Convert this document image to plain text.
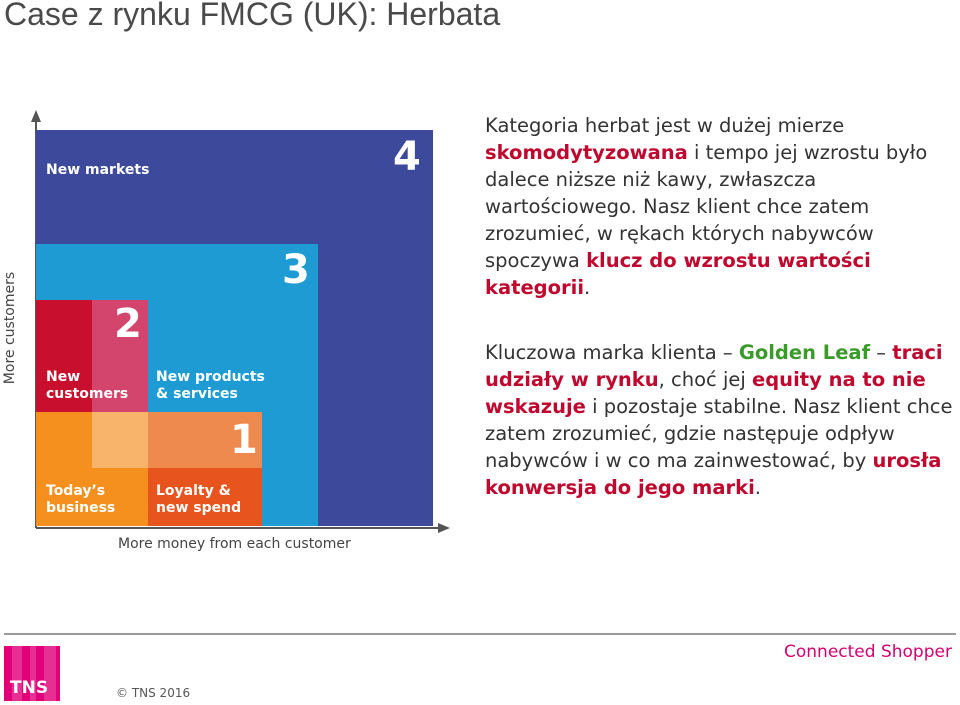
Case z rynku FMCG (UK): Herbata
4
New markets
3
New products
& services
2
New
customers
1
Loyalty &
new spend
Today’s
business
More customers
More money from each customer
Kategoria herbat jest w dużej mierze skomodytyzowana i tempo jej wzrostu było dalece niższe niż kawy, zwłaszcza wartościowego. Nasz klient chce zatem zrozumieć, w rękach których nabywców spoczywa klucz do wzrostu wartości kategorii.
Kluczowa marka klienta – Golden Leaf – traci udziały w rynku, choć jej equity na to nie wskazuje i pozostaje stabilne. Nasz klient chce zatem zrozumieć, gdzie następuje odpływ nabywców i w co ma zainwestować, by urosła konwersja do jego marki.
TNS	© TNS 2016
Connected Shopper
